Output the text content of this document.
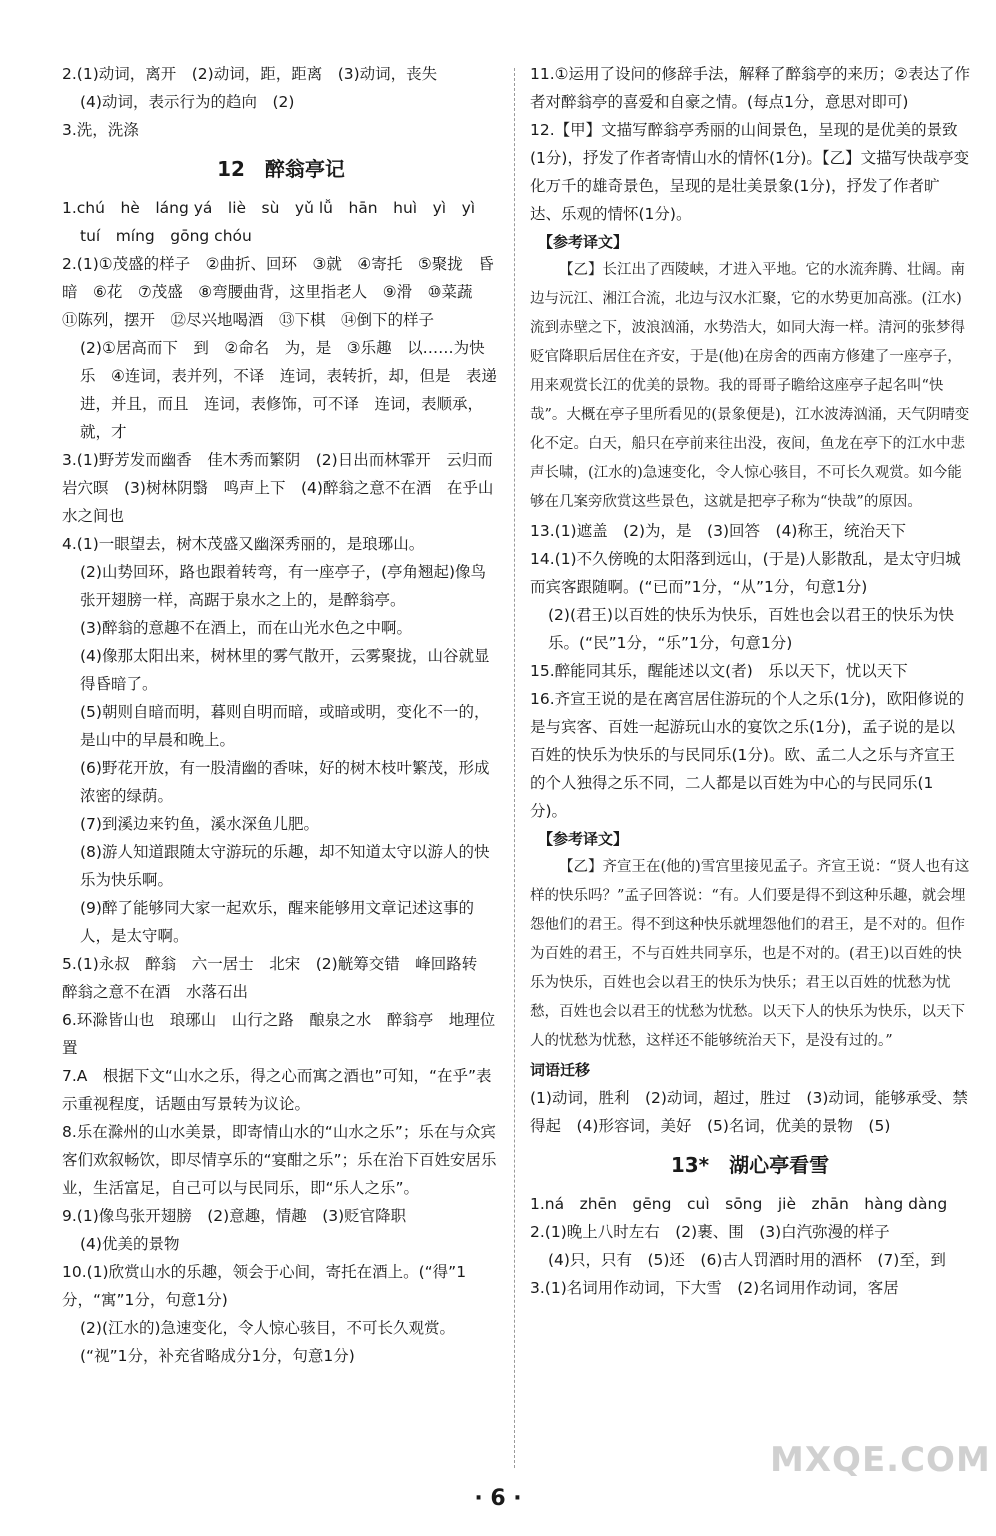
2.(1)动词，离开　(2)动词，距，距离　(3)动词，丧失

(4)动词，表示行为的趋向　(2)

3.洗，洗涤

12　醉翁亭记

1.chú　hè　láng yá　liè　sù　yǔ lǚ　hān　huì　yì　yì

tuí　míng　gōng chóu

2.(1)①茂盛的样子　②曲折、回环　③就　④寄托　⑤聚拢　昏暗　⑥花　⑦茂盛　⑧弯腰曲背，这里指老人　⑨滑　⑩菜蔬　⑪陈列，摆开　⑫尽兴地喝酒　⑬下棋　⑭倒下的样子

(2)①居高而下　到　②命名　为，是　③乐趣　以……为快乐　④连词，表并列，不译　连词，表转折，却，但是　表递进，并且，而且　连词，表修饰，可不译　连词，表顺承，就，才

3.(1)野芳发而幽香　佳木秀而繁阴　(2)日出而林霏开　云归而岩穴暝　(3)树林阴翳　鸣声上下　(4)醉翁之意不在酒　在乎山水之间也

4.(1)一眼望去，树木茂盛又幽深秀丽的，是琅琊山。

(2)山势回环，路也跟着转弯，有一座亭子，(亭角翘起)像鸟张开翅膀一样，高踞于泉水之上的，是醉翁亭。

(3)醉翁的意趣不在酒上，而在山光水色之中啊。

(4)像那太阳出来，树林里的雾气散开，云雾聚拢，山谷就显得昏暗了。

(5)朝则自暗而明，暮则自明而暗，或暗或明，变化不一的，是山中的早晨和晚上。

(6)野花开放，有一股清幽的香味，好的树木枝叶繁茂，形成浓密的绿荫。

(7)到溪边来钓鱼，溪水深鱼儿肥。

(8)游人知道跟随太守游玩的乐趣，却不知道太守以游人的快乐为快乐啊。

(9)醉了能够同大家一起欢乐，醒来能够用文章记述这事的人，是太守啊。

5.(1)永叔　醉翁　六一居士　北宋　(2)觥筹交错　峰回路转　醉翁之意不在酒　水落石出

6.环滁皆山也　琅琊山　山行之路　酿泉之水　醉翁亭　地理位置

7.A　根据下文“山水之乐，得之心而寓之酒也”可知，“在乎”表示重视程度，话题由写景转为议论。

8.乐在滁州的山水美景，即寄情山水的“山水之乐”；乐在与众宾客们欢叙畅饮，即尽情享乐的“宴酣之乐”；乐在治下百姓安居乐业，生活富足，自己可以与民同乐，即“乐人之乐”。

9.(1)像鸟张开翅膀　(2)意趣，情趣　(3)贬官降职

(4)优美的景物

10.(1)欣赏山水的乐趣，领会于心间，寄托在酒上。(“得”1分，“寓”1分，句意1分)

(2)(江水的)急速变化，令人惊心骇目，不可长久观赏。(“视”1分，补充省略成分1分，句意1分)

11.①运用了设问的修辞手法，解释了醉翁亭的来历；②表达了作者对醉翁亭的喜爱和自豪之情。(每点1分，意思对即可)

12.【甲】文描写醉翁亭秀丽的山间景色，呈现的是优美的景致(1分)，抒发了作者寄情山水的情怀(1分)。【乙】文描写快哉亭变化万千的雄奇景色，呈现的是壮美景象(1分)，抒发了作者旷达、乐观的情怀(1分)。

【参考译文】

【乙】长江出了西陵峡，才进入平地。它的水流奔腾、壮阔。南边与沅江、湘江合流，北边与汉水汇聚，它的水势更加高涨。(江水)流到赤壁之下，波浪汹涌，水势浩大，如同大海一样。清河的张梦得贬官降职后居住在齐安，于是(他)在房舍的西南方修建了一座亭子，用来观赏长江的优美的景物。我的哥哥子瞻给这座亭子起名叫“快哉”。大概在亭子里所看见的(景象便是)，江水波涛汹涌，天气阴晴变化不定。白天，船只在亭前来往出没，夜间，鱼龙在亭下的江水中悲声长啸，(江水的)急速变化，令人惊心骇目，不可长久观赏。如今能够在几案旁欣赏这些景色，这就是把亭子称为“快哉”的原因。

13.(1)遮盖　(2)为，是　(3)回答　(4)称王，统治天下

14.(1)不久傍晚的太阳落到远山，(于是)人影散乱，是太守归城而宾客跟随啊。(“已而”1分，“从”1分，句意1分)

(2)(君王)以百姓的快乐为快乐，百姓也会以君王的快乐为快乐。(“民”1分，“乐”1分，句意1分)

15.醉能同其乐，醒能述以文(者)　乐以天下，忧以天下

16.齐宣王说的是在离宫居住游玩的个人之乐(1分)，欧阳修说的是与宾客、百姓一起游玩山水的宴饮之乐(1分)，孟子说的是以百姓的快乐为快乐的与民同乐(1分)。欧、孟二人之乐与齐宣王的个人独得之乐不同，二人都是以百姓为中心的与民同乐(1分)。

【参考译文】

【乙】齐宣王在(他的)雪宫里接见孟子。齐宣王说：“贤人也有这样的快乐吗？”孟子回答说：“有。人们要是得不到这种乐趣，就会埋怨他们的君王。得不到这种快乐就埋怨他们的君王，是不对的。但作为百姓的君王，不与百姓共同享乐，也是不对的。(君王)以百姓的快乐为快乐，百姓也会以君王的快乐为快乐；君王以百姓的忧愁为忧愁，百姓也会以君王的忧愁为忧愁。以天下人的快乐为快乐，以天下人的忧愁为忧愁，这样还不能够统治天下，是没有过的。”

词语迁移

(1)动词，胜利　(2)动词，超过，胜过　(3)动词，能够承受、禁得起　(4)形容词，美好　(5)名词，优美的景物　(5)

13*　湖心亭看雪

1.ná　zhēn　gēng　cuì　sōng　jiè　zhān　hàng dàng

2.(1)晚上八时左右　(2)裹、围　(3)白汽弥漫的样子

(4)只，只有　(5)还　(6)古人罚酒时用的酒杯　(7)至，到

3.(1)名词用作动词，下大雪　(2)名词用作动词，客居

· 6 ·
MXQE.COM
